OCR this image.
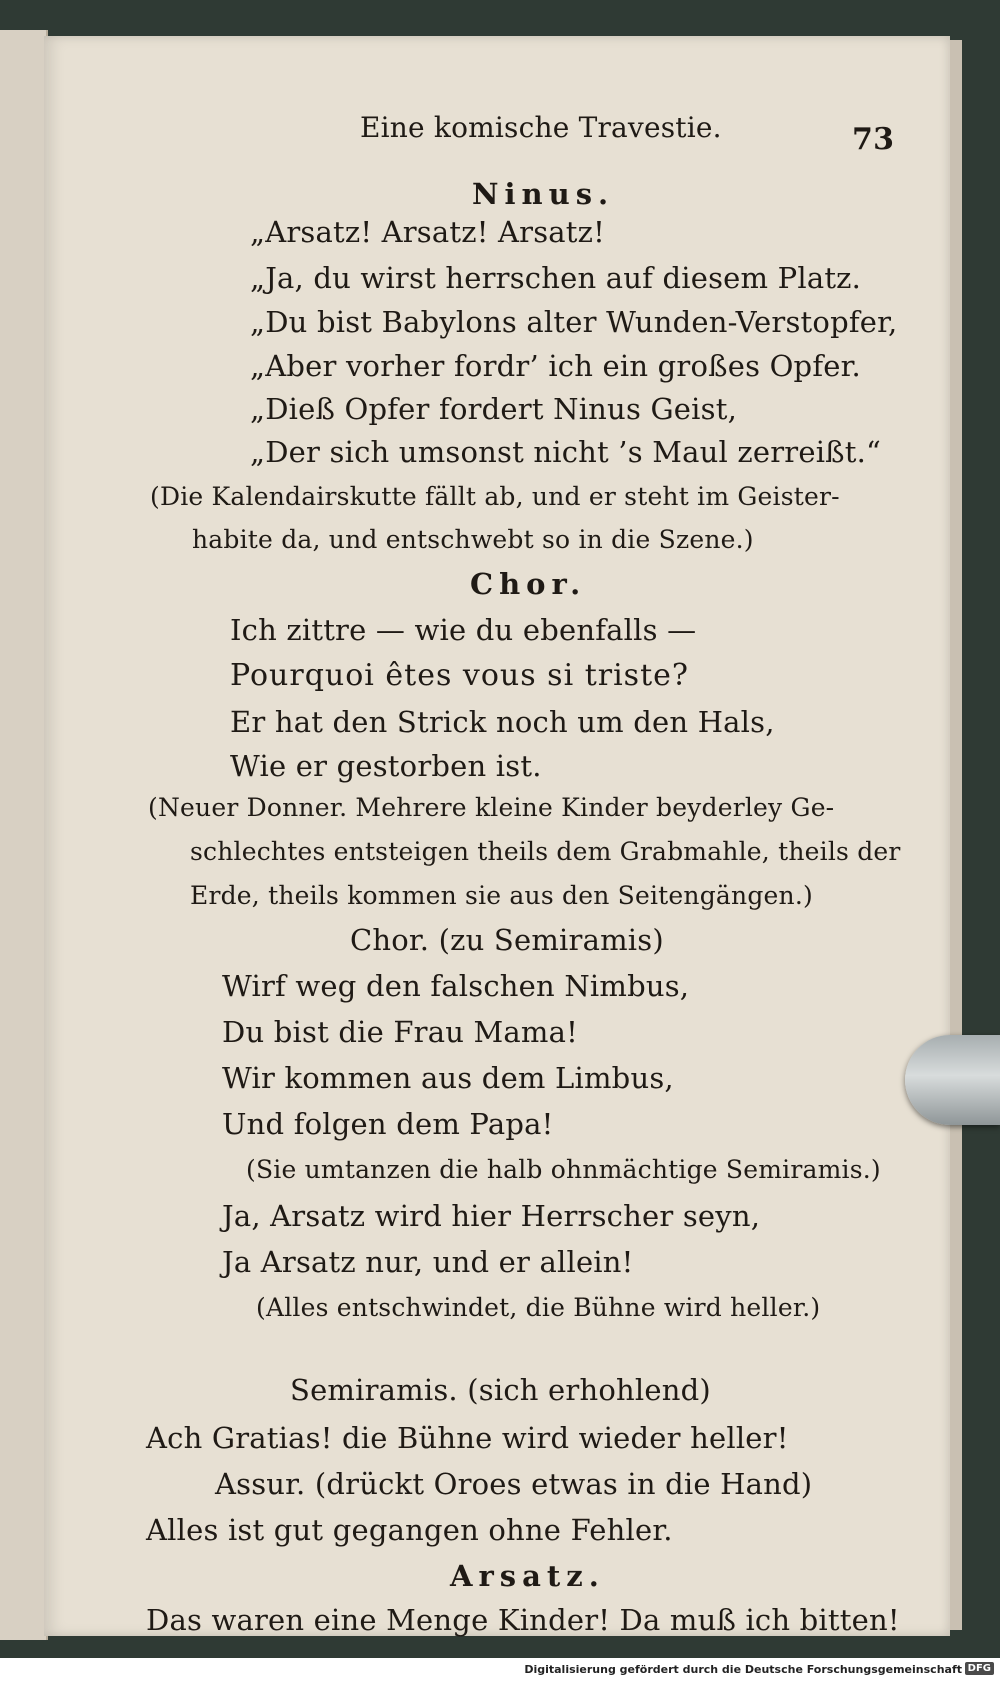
Eine komische Travestie.	73
Ninus.
„Arsatz! Arsatz! Arsatz!
„Ja, du wirst herrschen auf diesem Platz.
„Du bist Babylons alter Wunden-Verstopfer,
„Aber vorher fordr’ ich ein großes Opfer.
„Dieß Opfer fordert Ninus Geist,
„Der sich umsonst nicht ’s Maul zerreißt.“
(Die Kalendairskutte fällt ab, und er steht im Geister-
habite da, und entschwebt so in die Szene.)
Chor.
Ich zittre — wie du ebenfalls —
Pourquoi êtes vous si triste?
Er hat den Strick noch um den Hals,
Wie er gestorben ist.
(Neuer Donner. Mehrere kleine Kinder beyderley Ge-
schlechtes entsteigen theils dem Grabmahle, theils der
Erde, theils kommen sie aus den Seitengängen.)
Chor. (zu Semiramis)
Wirf weg den falschen Nimbus,
Du bist die Frau Mama!
Wir kommen aus dem Limbus,
Und folgen dem Papa!
(Sie umtanzen die halb ohnmächtige Semiramis.)
Ja, Arsatz wird hier Herrscher seyn,
Ja Arsatz nur, und er allein!
(Alles entschwindet, die Bühne wird heller.)
Semiramis. (sich erhohlend)
Ach Gratias! die Bühne wird wieder heller!
Assur. (drückt Oroes etwas in die Hand)
Alles ist gut gegangen ohne Fehler.
Arsatz.
Das waren eine Menge Kinder! Da muß ich bitten!
Digitalisierung gefördert durch die Deutsche Forschungsgemeinschaft DFG
